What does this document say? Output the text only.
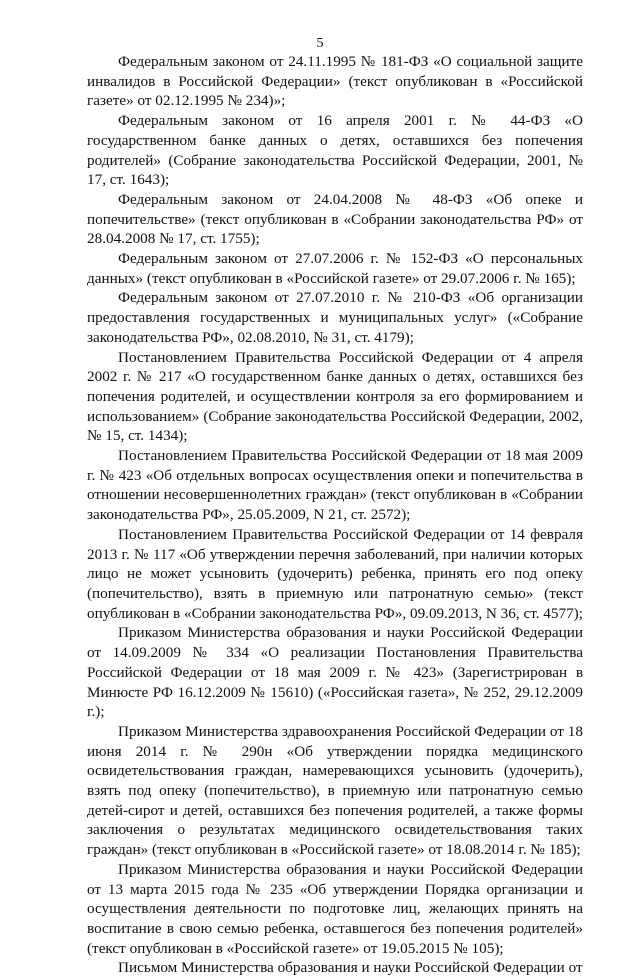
5

Федеральным законом от 24.11.1995 № 181-ФЗ «О социальной защите инвалидов в Российской Федерации» (текст опубликован в «Российской газете» от 02.12.1995 № 234)»;

Федеральным законом от 16 апреля 2001 г. № 44-ФЗ «О государственном банке данных о детях, оставшихся без попечения родителей» (Собрание законодательства Российской Федерации, 2001, № 17, ст. 1643);

Федеральным законом от 24.04.2008 № 48-ФЗ «Об опеке и попечительстве» (текст опубликован в «Собрании законодательства РФ» от 28.04.2008 № 17, ст. 1755);

Федеральным законом от 27.07.2006 г. № 152-ФЗ «О персональных данных» (текст опубликован в «Российской газете» от 29.07.2006 г. № 165);

Федеральным законом от 27.07.2010 г. № 210-ФЗ «Об организации предоставления государственных и муниципальных услуг» («Собрание законодательства РФ», 02.08.2010, № 31, ст. 4179);

Постановлением Правительства Российской Федерации от 4 апреля 2002 г. № 217 «О государственном банке данных о детях, оставшихся без попечения родителей, и осуществлении контроля за его формированием и использованием» (Собрание законодательства Российской Федерации, 2002, № 15, ст. 1434);

Постановлением Правительства Российской Федерации от 18 мая 2009 г. № 423 «Об отдельных вопросах осуществления опеки и попечительства в отношении несовершеннолетних граждан» (текст опубликован в «Собрании законодательства РФ», 25.05.2009, N 21, ст. 2572);

Постановлением Правительства Российской Федерации от 14 февраля 2013 г. № 117 «Об утверждении перечня заболеваний, при наличии которых лицо не может усыновить (удочерить) ребенка, принять его под опеку (попечительство), взять в приемную или патронатную семью» (текст опубликован в «Собрании законодательства РФ», 09.09.2013, N 36, ст. 4577);

Приказом Министерства образования и науки Российской Федерации от 14.09.2009 № 334 «О реализации Постановления Правительства Российской Федерации от 18 мая 2009 г. № 423» (Зарегистрирован в Минюсте РФ 16.12.2009 № 15610) («Российская газета», № 252, 29.12.2009 г.);

Приказом Министерства здравоохранения Российской Федерации от 18 июня 2014 г. № 290н «Об утверждении порядка медицинского освидетельствования граждан, намеревающихся усыновить (удочерить), взять под опеку (попечительство), в приемную или патронатную семью детей-сирот и детей, оставшихся без попечения родителей, а также формы заключения о результатах медицинского освидетельствования таких граждан» (текст опубликован в «Российской газете» от 18.08.2014 г. № 185);

Приказом Министерства образования и науки Российской Федерации от 13 марта 2015 года № 235 «Об утверждении Порядка организации и осуществления деятельности по подготовке лиц, желающих принять на воспитание в свою семью ребенка, оставшегося без попечения родителей» (текст опубликован в «Российской газете» от 19.05.2015 № 105);

Письмом Министерства образования и науки Российской Федерации от
